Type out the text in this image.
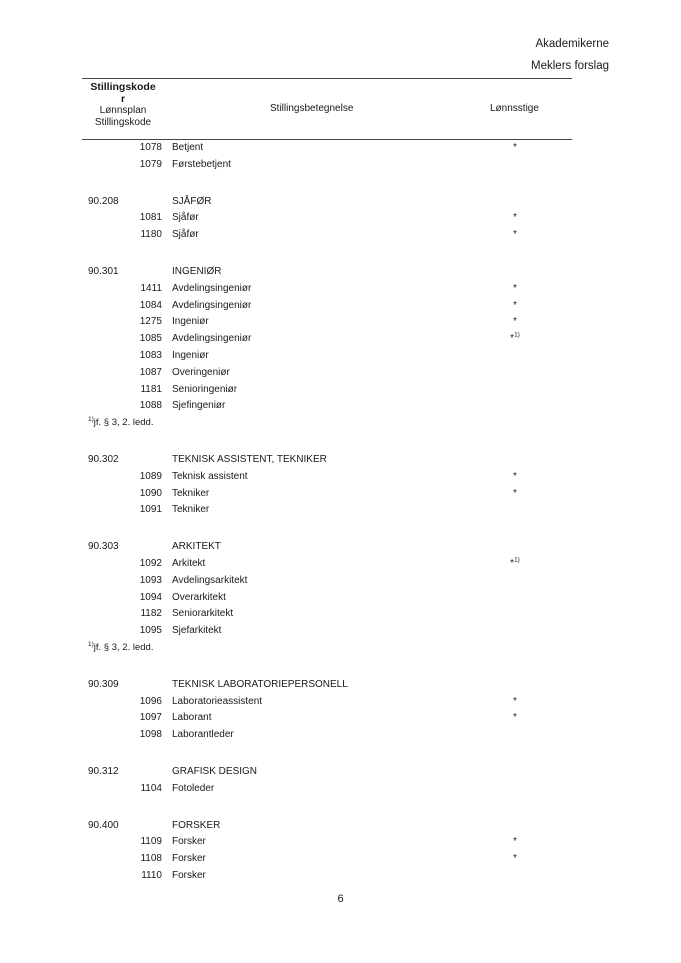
Akademikerne
Meklers forslag
Stillingskode
r
Lønnsplan
Stillingskode
Stillingsbetegnelse	Lønnsstige
1078 Betjent	*
1079 Førstebetjent
90.208	SJÅFØR
1081 Sjåfør	*
1180 Sjåfør	*
90.301	INGENIØR
1411 Avdelingsingeniør	*
1084 Avdelingsingeniør	*
1275 Ingeniør	*
1085 Avdelingsingeniør	*$^{1)}$
1083 Ingeniør
1087 Overingeniør
1181 Senioringeniør
1088 Sjefingeniør
$^{1)}$jf. § 3, 2. ledd.
90.302	TEKNISK ASSISTENT, TEKNIKER
1089 Teknisk assistent	*
1090 Tekniker	*
1091 Tekniker
90.303	ARKITEKT
1092 Arkitekt	*$^{1)}$
1093 Avdelingsarkitekt
1094 Overarkitekt
1182 Seniorarkitekt
1095 Sjefarkitekt
$^{1)}$jf. § 3, 2. ledd.
90.309	TEKNISK LABORATORIEPERSONELL
1096 Laboratorieassistent	*
1097 Laborant	*
1098 Laborantleder
90.312	GRAFISK DESIGN
1104 Fotoleder
90.400	FORSKER
1109 Forsker	*
1108 Forsker	*
1110 Forsker
6
